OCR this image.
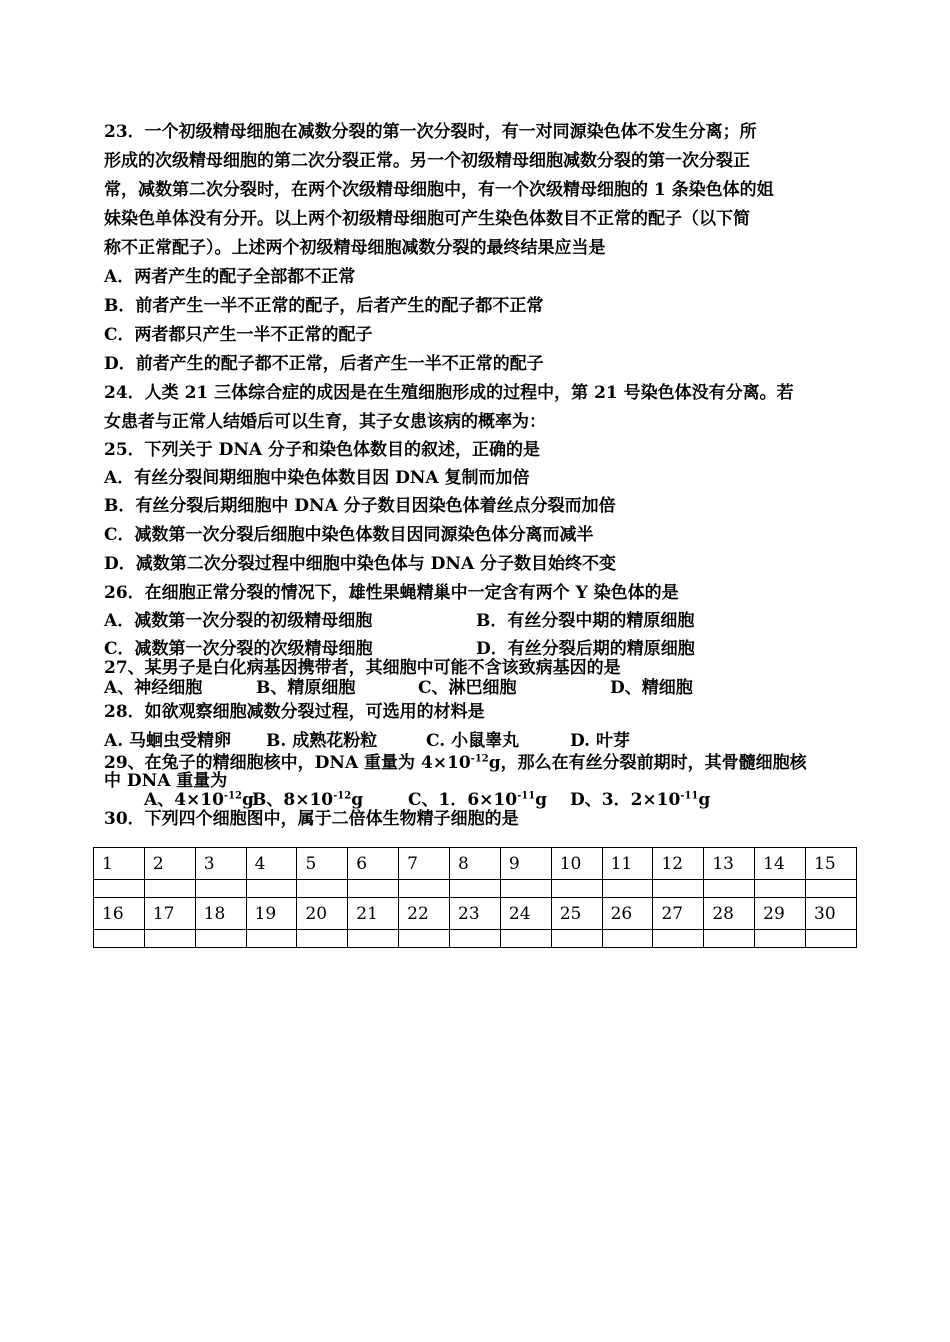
23．一个初级精母细胞在减数分裂的第一次分裂时，有一对同源染色体不发生分离；所
形成的次级精母细胞的第二次分裂正常。另一个初级精母细胞减数分裂的第一次分裂正
常，减数第二次分裂时，在两个次级精母细胞中，有一个次级精母细胞的 1 条染色体的姐
妹染色单体没有分开。以上两个初级精母细胞可产生染色体数目不正常的配子（以下简
称不正常配子）。上述两个初级精母细胞减数分裂的最终结果应当是
A．两者产生的配子全部都不正常
B．前者产生一半不正常的配子，后者产生的配子都不正常
C．两者都只产生一半不正常的配子
D．前者产生的配子都不正常，后者产生一半不正常的配子
24．人类 21 三体综合症的成因是在生殖细胞形成的过程中，第 21 号染色体没有分离。若
女患者与正常人结婚后可以生育，其子女患该病的概率为：
25．下列关于 DNA 分子和染色体数目的叙述，正确的是
A．有丝分裂间期细胞中染色体数目因 DNA 复制而加倍
B．有丝分裂后期细胞中 DNA 分子数目因染色体着丝点分裂而加倍
C．减数第一次分裂后细胞中染色体数目因同源染色体分离而减半
D．减数第二次分裂过程中细胞中染色体与 DNA 分子数目始终不变
26．在细胞正常分裂的情况下，雄性果蝇精巢中一定含有两个 Y 染色体的是
A．减数第一次分裂的初级精母细胞	B．有丝分裂中期的精原细胞
C．减数第一次分裂的次级精母细胞	D．有丝分裂后期的精原细胞
27、某男子是白化病基因携带者，其细胞中可能不含该致病基因的是
A、神经细胞	B、精原细胞	C、淋巴细胞	D、精细胞
28．如欲观察细胞减数分裂过程，可选用的材料是
A. 马蛔虫受精卵 B. 成熟花粉粒	C. 小鼠睾丸	D. 叶芽
29、在兔子的精细胞核中，DNA 重量为 $4\times 10^{-12}g$，那么在有丝分裂前期时，其骨髓细胞核
中 DNA 重量为
A、$4\times 10^{-12}g$
B、$8\times 10^{-12}g$	C、1．$6\times 10^{-11}g$ D、3．$2\times 10^{-11}g$
30．下列四个细胞图中，属于二倍体生物精子细胞的是
1	2	3	4	5	6	7	8	9	10	11	12	13	14	15

16	17	18	19	20	21	22	23	24	25	26	27	28	29	30
